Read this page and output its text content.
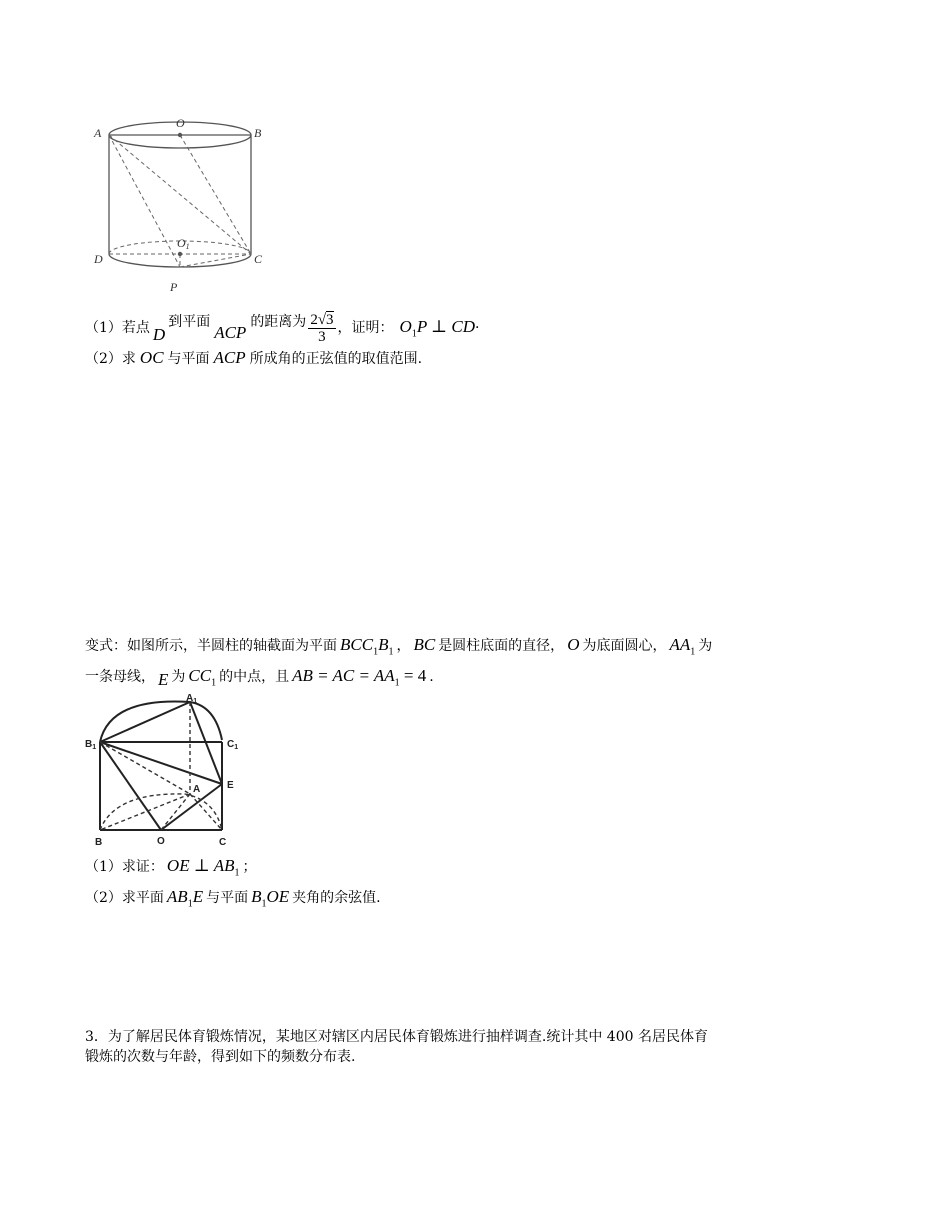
A
O
B
D
O1
C
P
（1）若点 D到平面ACP的距离为 $\frac{2√3}{3}$ ，证明： $O_1P$ ⊥ CD·
（2）求 OC 与平面 ACP 所成角的正弦值的取值范围.
变式：如图所示，半圆柱的轴截面为平面 $BCC_1B_1$ ， BC 是圆柱底面的直径， O 为底面圆心， $AA_1$ 为
一条母线， E 为 $CC_1$ 的中点，且 AB = AC = $AA_1 = 4$ .
$A_1$
$B_1$	$C_1$
E
A
B	O	C
（1）求证： OE ⊥ $AB_1$ ；
（2）求平面 $AB_1E$ 与平面 $B_1OE$ 夹角的余弦值.
3．为了解居民体育锻炼情况，某地区对辖区内居民体育锻炼进行抽样调查.统计其中 400 名居民体育
锻炼的次数与年龄，得到如下的频数分布表.
